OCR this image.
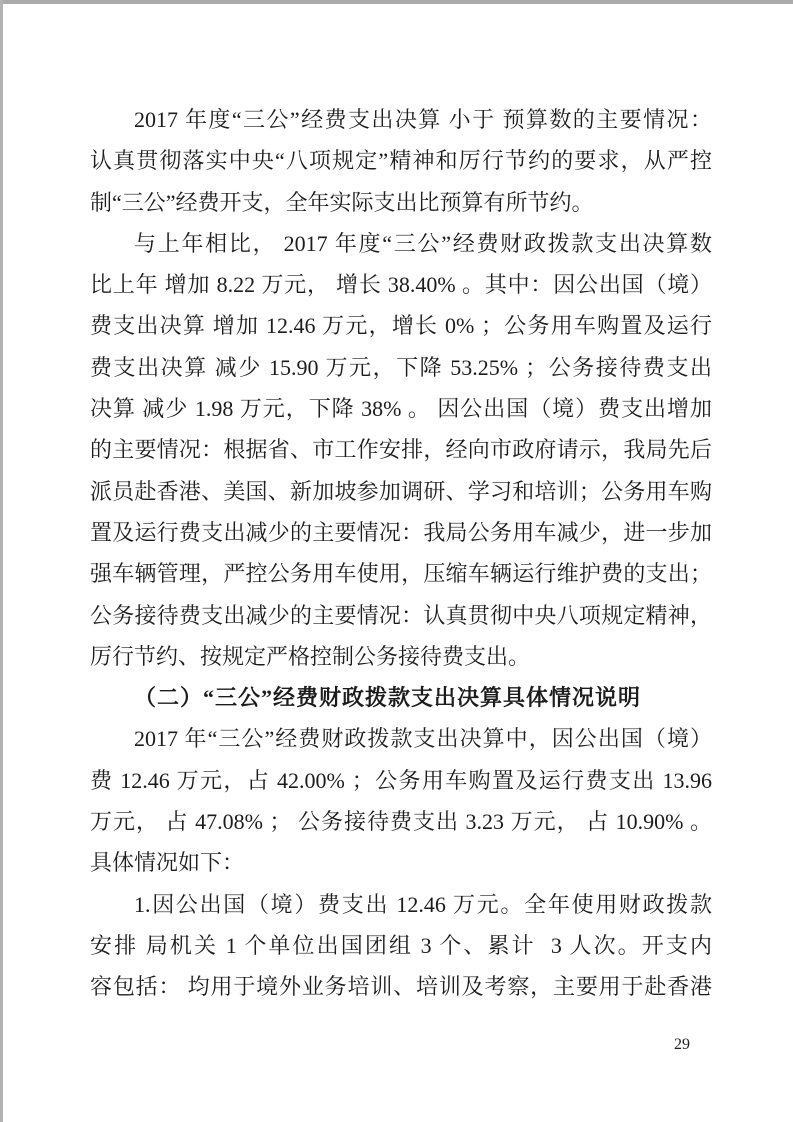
2017 年度“三公”经费支出决算 小于 预算数的主要情况：
认真贯彻落实中央“八项规定”精神和厉行节约的要求，从严控
制“三公”经费开支，全年实际支出比预算有所节约。
与上年相比， 2017 年度“三公”经费财政拨款支出决算数
比上年 增加 8.22 万元， 增长 38.40% 。其中：因公出国（境）
费支出决算 增加 12.46 万元，增长 0% ；公务用车购置及运行
费支出决算 减少 15.90 万元，下降 53.25% ；公务接待费支出
决算 减少 1.98 万元，下降 38% 。 因公出国（境）费支出增加
的主要情况：根据省、市工作安排，经向市政府请示，我局先后
派员赴香港、美国、新加坡参加调研、学习和培训；公务用车购
置及运行费支出减少的主要情况：我局公务用车减少，进一步加
强车辆管理，严控公务用车使用，压缩车辆运行维护费的支出；
公务接待费支出减少的主要情况：认真贯彻中央八项规定精神，
厉行节约、按规定严格控制公务接待费支出。
（二）“三公”经费财政拨款支出决算具体情况说明
2017 年“三公”经费财政拨款支出决算中，因公出国（境）
费 12.46 万元，占 42.00% ；公务用车购置及运行费支出 13.96
万元， 占 47.08% ； 公务接待费支出 3.23 万元， 占 10.90% 。
具体情况如下：
1.因公出国（境）费支出 12.46 万元。全年使用财政拨款
安排 局机关 1 个单位出国团组 3 个、累计  3 人次。开支内
容包括： 均用于境外业务培训、培训及考察，主要用于赴香港
29
